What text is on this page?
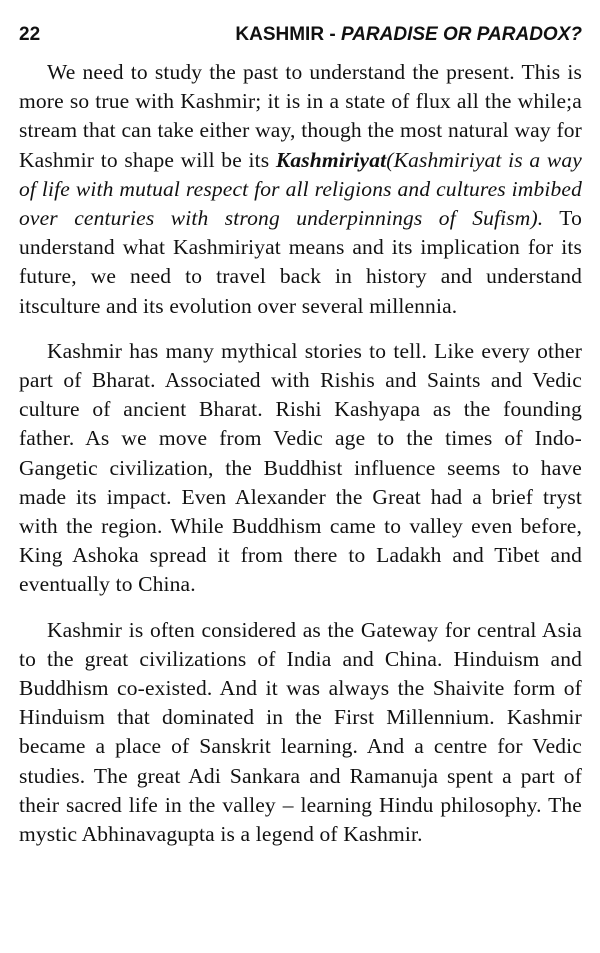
22	KASHMIR - PARADISE OR PARADOX?

We need to study the past to understand the present. This is more so true with Kashmir; it is in a state of flux all the while;a stream that can take either way, though the most natural way for Kashmir to shape will be its Kashmiriyat(Kashmiriyat is a way of life with mutual respect for all religions and cultures imbibed over centuries with strong underpinnings of Sufism). To understand what Kashmiriyat means and its implication for its future, we need to travel back in history and understand itsculture and its evolution over several millennia.

Kashmir has many mythical stories to tell. Like every other part of Bharat. Associated with Rishis and Saints and Vedic culture of ancient Bharat. Rishi Kashyapa as the founding father. As we move from Vedic age to the times of Indo-Gangetic civilization, the Buddhist influence seems to have made its impact. Even Alexander the Great had a brief tryst with the region. While Buddhism came to valley even before, King Ashoka spread it from there to Ladakh and Tibet and eventually to China.

Kashmir is often considered as the Gateway for central Asia to the great civilizations of India and China. Hinduism and Buddhism co-existed. And it was always the Shaivite form of Hinduism that dominated in the First Millennium. Kashmir became a place of Sanskrit learning. And a centre for Vedic studies. The great Adi Sankara and Ramanuja spent a part of their sacred life in the valley – learning Hindu philosophy. The mystic Abhinavagupta is a legend of Kashmir.
